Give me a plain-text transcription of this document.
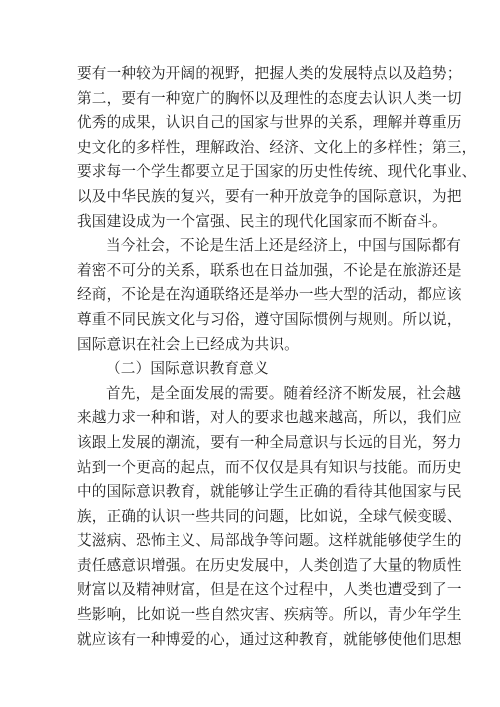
要有一种较为开阔的视野，把握人类的发展特点以及趋势；
第二，要有一种宽广的胸怀以及理性的态度去认识人类一切
优秀的成果，认识自己的国家与世界的关系，理解并尊重历
史文化的多样性，理解政治、经济、文化上的多样性；第三，
要求每一个学生都要立足于国家的历史性传统、现代化事业、
以及中华民族的复兴，要有一种开放竞争的国际意识，为把
我国建设成为一个富强、民主的现代化国家而不断奋斗。
当今社会，不论是生活上还是经济上，中国与国际都有
着密不可分的关系，联系也在日益加强，不论是在旅游还是
经商，不论是在沟通联络还是举办一些大型的活动，都应该
尊重不同民族文化与习俗，遵守国际惯例与规则。所以说，
国际意识在社会上已经成为共识。
（二）国际意识教育意义
首先，是全面发展的需要。随着经济不断发展，社会越
来越力求一种和谐，对人的要求也越来越高，所以，我们应
该跟上发展的潮流，要有一种全局意识与长远的目光，努力
站到一个更高的起点，而不仅仅是具有知识与技能。而历史
中的国际意识教育，就能够让学生正确的看待其他国家与民
族，正确的认识一些共同的问题，比如说，全球气候变暖、
艾滋病、恐怖主义、局部战争等问题。这样就能够使学生的
责任感意识增强。在历史发展中，人类创造了大量的物质性
财富以及精神财富，但是在这个过程中，人类也遭受到了一
些影响，比如说一些自然灾害、疾病等。所以，青少年学生
就应该有一种博爱的心，通过这种教育，就能够使他们思想
